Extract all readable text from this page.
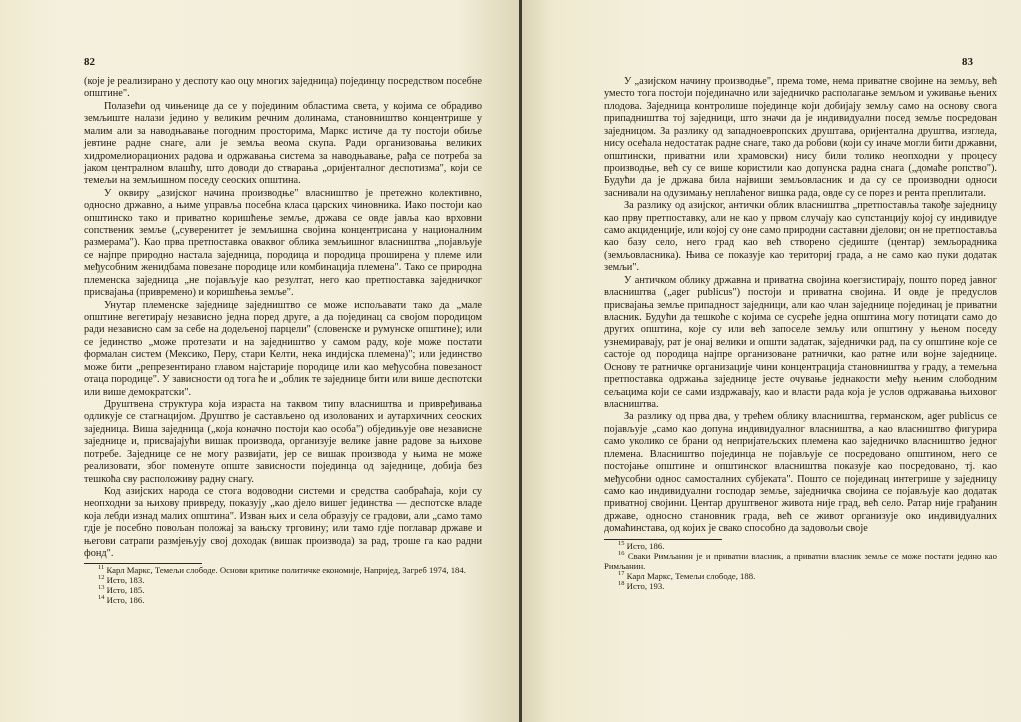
82

(које је реализирано у деспоту као оцу многих заједница) појединцу посредством посебне општине".

Полазећи од чињенице да се у појединим областима света, у којима се обрадиво земљиште налази једино у великим речним долинама, становништво концентрише у малим али за наводњавање погодним просторима, Маркс истиче да ту постоји обиље јевтине радне снаге, али је земља веома скупа. Ради организовања великих хидромелиорационих радова и одржавања система за наводњавање, рађа се потреба за јаком централном влашћу, што доводи до стварања „оријенталног деспотизма", који се темељи на земљишном поседу сеоских општина.

У оквиру „азијског начина производње" власништво је претежно колективно, односно државно, а њиме управља посебна класа царских чиновника. Иако постоји као општинско тако и приватно коришћење земље, држава се овде јавља као врховни сопственик земље („суверенитет је земљишна својина концентрисана у националним размерама"). Као прва претпоставка оваквог облика земљишног власништва „појављује се најпре природно настала заједница, породица и породица проширена у племе или међусобним женидбама повезане породице или комбинација племена". Тако се природна племенска заједница „не појављује као резултат, него као претпоставка заједничког присвајања (привремено) и коришћења земље".

Унутар племенске заједнице заједништво се може испољавати тако да „мале општине вегетирају независно једна поред друге, а да појединац са својом породицом ради независно сам за себе на додељеној парцели" (словенске и румунске општине); или се јединство „може протезати и на заједништво у самом раду, које може постати формалан систем (Мексико, Перу, стари Келти, нека индијска племена)"; или јединство може бити „репрезентирано главом најстарије породице или као међусобна повезаност отаца породице". У зависности од тога ће и „облик те заједнице бити или више деспотски или више демократски".

Друштвена структура која израста на таквом типу власништва и привређивања одликује се стагнацијом. Друштво је састављено од изолованих и аутархичних сеоских заједница. Виша заједница („која коначно постоји као особа") обједињује ове независне заједнице и, присвајајући вишак производа, организује велике јавне радове за њихове потребе. Заједнице се не могу развијати, јер се вишак производа у њима не може реализовати, због поменуте опште зависности појединца од заједнице, добија без тешкоћа сву расположиву радну снагу.

Код азијских народа се стога водоводни системи и средства саобраћаја, који су неопходни за њихову привреду, показују „као дјело вишег јединства — деспотске владе која лебди изнад малих општина". Изван њих и села образују се градови, али „само тамо гдје је посебно повољан положај за вањску трговину; или тамо гдје поглавар државе и његови сатрапи размјењују свој доходак (вишак производа) за рад, троше га као радни фонд".

$^{11}$ Карл Маркс, Темељи слободе. Основи критике политичке економије, Напријед, Загреб 1974, 184.

$^{12}$ Исто, 183.

$^{13}$ Исто, 185.

$^{14}$ Исто, 186.

83

У „азијском начину производње", према томе, нема приватне својине на земљу, већ уместо тога постоји појединачно или заједничко располагање земљом и уживање њених плодова. Заједница контролише појединце који добијају земљу само на основу свога припадништва тој заједници, што значи да је индивидуални посед земље посредован заједницом. За разлику од западноевропских друштава, оријентална друштва, изгледа, нису осећала недостатак радне снаге, тако да робови (који су иначе могли бити државни, општински, приватни или храмовски) нису били толико неопходни у процесу производње, већ су се више користили као допунска радна снага („домаће ропство"). Будући да је држава била највиши земљовласник и да су се производни односи заснивали на одузимању неплаћеног вишка рада, овде су се порез и рента преплитали.

За разлику од азијског, антички облик власништва „претпоставља такође заједницу као прву претпоставку, али не као у првом случају као супстанцију којој су индивидуе само акциденције, или којој су оне само природни саставни дјелови; он не претпоставља као базу село, него град као већ створено сједиште (центар) земљорадника (земљовласника). Њива се показује као териториј града, а не само као пуки додатак земљи".

У античком облику државна и приватна својина коегзистирају, пошто поред јавног власништва („ager publicus") постоји и приватна својина. И овде је предуслов присвајања земље припадност заједници, али као члан заједнице појединац је приватни власник. Будући да тешкоће с којима се сусреће једна општина могу потицати само до других општина, које су или већ запоселе земљу или општину у њеном поседу узнемиравају, рат је онај велики и општи задатак, заједнички рад, па су општине које се састоје од породица најпре организоване ратнички, као ратне или војне заједнице. Основу те ратничке организације чини концентрација становништва у граду, а темељна претпоставка одржања заједнице јесте очување једнакости међу њеним слободним сељацима који се сами издржавају, као и власти рада која је услов одржавања њиховог власништва.

За разлику од прва два, у трећем облику власништва, германском, ager publicus се појављује „само као допуна индивидуалног власништва, а као власништво фигурира само уколико се брани од непријатељских племена као заједничко власништво једног племена. Власништво појединца не појављује се посредовано општином, него се постојање општине и општинског власништва показује као посредовано, тј. као међусобни однос самосталних субјеката". Пошто се појединац интегрише у заједницу само као индивидуални господар земље, заједничка својина се појављује као додатак приватној својини. Центар друштвеног живота није град, већ село. Ратар није грађанин државе, односно становник града, већ се живот организује око индивидуалних домаћинстава, од којих је свако способно да задовољи своје

$^{15}$ Исто, 186.

$^{16}$ Сваки Римљанин је и приватни власник, а приватни власник земље се може постати једино као Римљанин.

$^{17}$ Карл Маркс, Темељи слободе, 188.

$^{18}$ Исто, 193.
